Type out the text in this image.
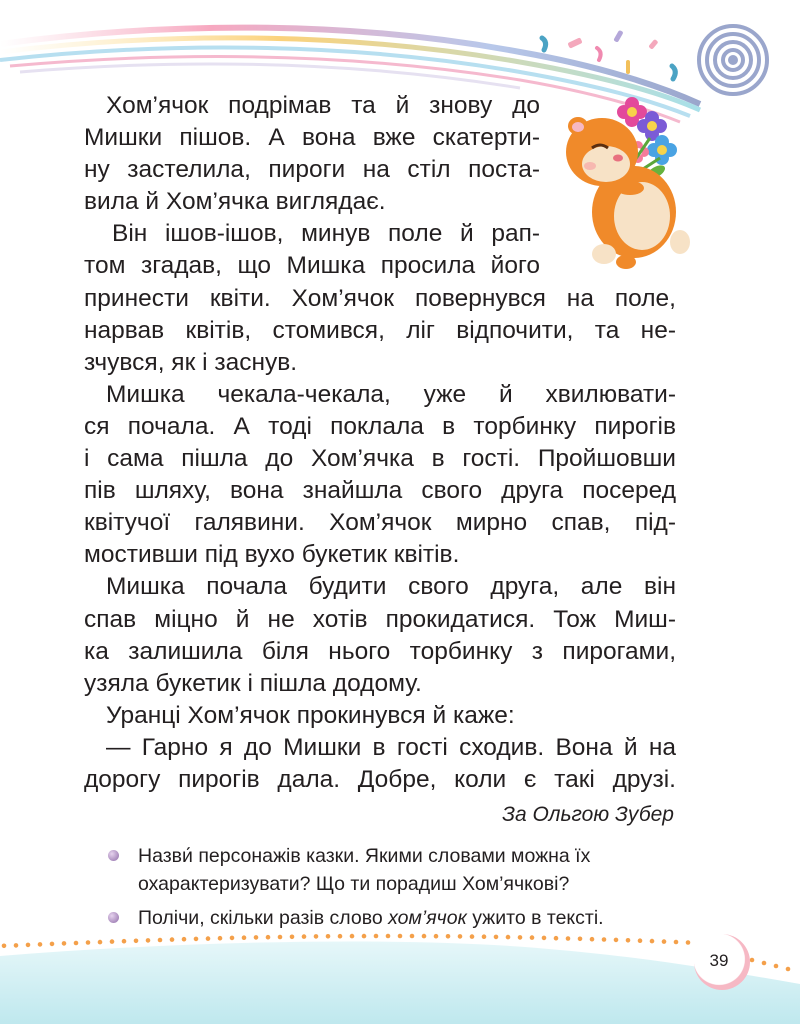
Хом’ячок подрімав та й знову до
Мишки пішов. А вона вже скатерти-
ну застелила, пироги на стіл поста-
вила й Хом’ячка виглядає.

Він ішов-ішов, минув поле й рап-
том згадав, що Мишка просила його
принести квіти. Хом’ячок повернувся на поле,
нарвав квітів, стомився, ліг відпочити, та не-
зчувся, як і заснув.

Мишка чекала-чекала, уже й хвилювати-
ся почала. А тоді поклала в торбинку пирогів
і сама пішла до Хом’ячка в гості. Пройшовши
пів шляху, вона знайшла свого друга посеред
квітучої галявини. Хом’ячок мирно спав, під-
мостивши під вухо букетик квітів.

Мишка почала будити свого друга, але він
спав міцно й не хотів прокидатися. Тож Миш-
ка залишила біля нього торбинку з пирогами,
узяла букетик і пішла додому.

Уранці Хом’ячок прокинувся й каже:

— Гарно я до Мишки в гості сходив. Вона й на
дорогу пирогів дала. Добре, коли є такі друзі.

За Ольгою Зубер
Назви́ персонажів казки. Якими словами можна їх
охарактеризувати? Що ти порадиш Хом’ячкові?
Полічи, скільки разів слово хом’ячок ужито в тексті.
39
